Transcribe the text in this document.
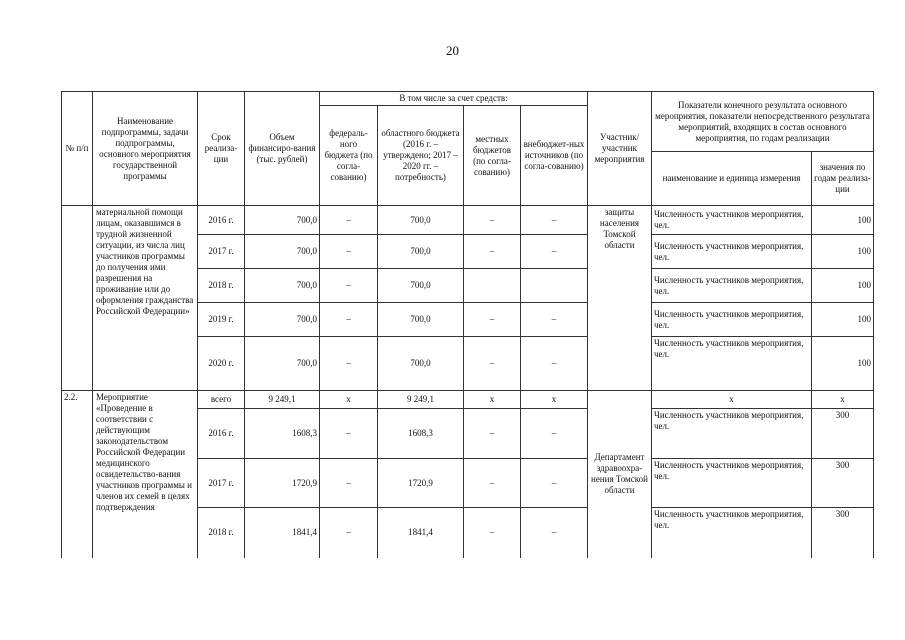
20
№ п/п	Наименование подпрограммы, задачи подпрограммы, основного мероприятия государственной программы	Срок реализа-ции	Объем финансиро-вания (тыс. рублей)	В том числе за счет средств:				Участник/ участник мероприятия	Показатели конечного результата основного мероприятия, показатели непосредственного результата мероприятий, входящих в состав основного мероприятия, по годам реализации	
				федераль-ного бюджета (по согла-сованию)	областного бюджета (2016 г. – утверждено; 2017 – 2020 гг. – потребность)	местных бюджетов (по согла-сованию)	внебюджет-ных источников (по согла-сованию)			
									наименование и единица измерения	значения по годам реализа-ции
	материальной помощи лицам, оказавшимся в трудной жизненной ситуации, из числа лиц участников программы до получения ими разрешения на проживание или до оформления гражданства Российской Федерации»	2016 г.	700,0	–	700,0	–	–	защиты населения Томской области	Численность участников мероприятия, чел.	100
		2017 г.	700,0	–	700,0	–	–		Численность участников мероприятия, чел.	100
		2018 г.	700,0	–	700,0				Численность участников мероприятия, чел.	100
		2019 г.	700,0	–	700,0	–	–		Численность участников мероприятия, чел.	100
		2020 г.	700,0	–	700,0	–	–		Численность участников мероприятия, чел.	100
2.2.	Мероприятие «Проведение в соответствии с действующим законодательством Российской Федерации медицинского освидетельство-вания участников программы и членов их семей в целях подтверждения	всего	9 249,1	х	9 249,1	х	х	Департамент здравоохра-нения Томской области	х	х
		2016 г.	1608,3	–	1608,3	–	–		Численность участников мероприятия, чел.	300
		2017 г.	1720,9	–	1720,9	–	–		Численность участников мероприятия, чел.	300
		2018 г.	1841,4	–	1841,4	–	–		Численность участников мероприятия, чел.	300
